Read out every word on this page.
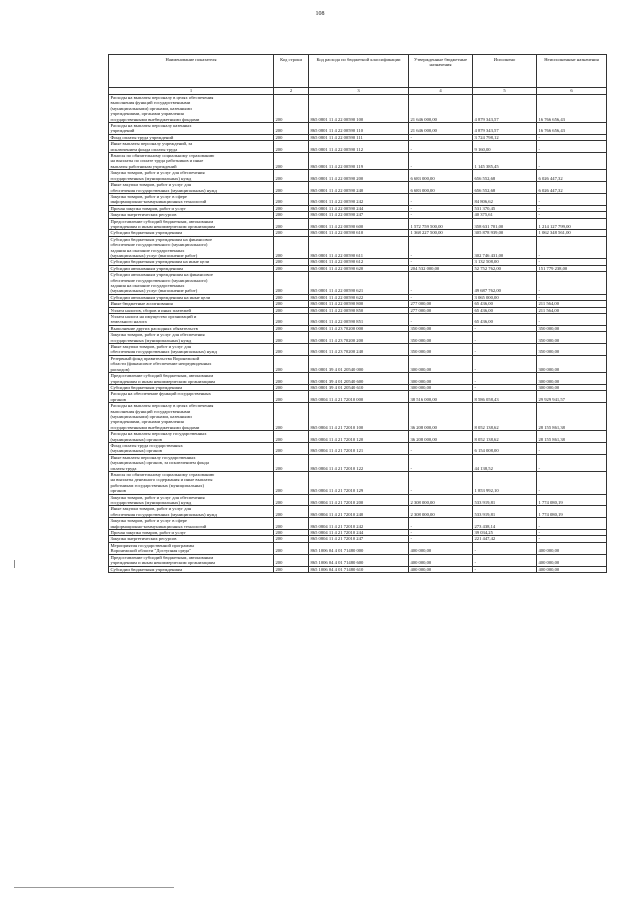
108
Наименование показателя	Код строки	Код расхода по бюджетной классификации	Утвержденные бюджетные назначения	Исполнено	Неисполненные назначения
1	2	3	4	5	6
Расходы на выплаты персоналу в целях обеспечения
выполнения функций государственными
(муниципальными) органами, казенными
учреждениями, органами управления
государственными внебюджетными фондами	200	865 0801 11 4 22 00590 100	21 646 000,00	4 879 343,57	16 766 656,43
Расходы на выплаты персоналу казенных
учреждений	200	865 0801 11 4 22 00590 110	21 646 000,00	4 879 343,57	16 766 656,43
Фонд оплаты труда учреждений	200	865 0801 11 4 22 00590 111	-	3 724 798,12	-
Иные выплаты персоналу учреждений, за
исключением фонда оплаты труда	200	865 0801 11 4 22 00590 112	-	9 160,00	-
Взносы по обязательному социальному страхованию
на выплаты по оплате труда работников и иные
выплаты работникам учреждений	200	865 0801 11 4 22 00590 119	-	1 145 385,45	-
Закупка товаров, работ и услуг для обеспечения
государственных (муниципальных) нужд	200	865 0801 11 4 22 00590 200	6 683 000,00	656 552,68	6 026 447,32
Иные закупки товаров, работ и услуг для
обеспечения государственных (муниципальных) нужд	200	865 0801 11 4 22 00590 240	6 683 000,00	656 552,68	6 026 447,32
Закупка товаров, работ и услуг в сфере
информационно-коммуникационных технологий	200	865 0801 11 4 22 00590 242	-	84 806,62	-
Прочая закупка товаров, работ и услуг	200	865 0801 11 4 22 00590 244	-	531 370,45	-
Закупка энергетических ресурсов	200	865 0801 11 4 22 00590 247	-	40 375,61	-
Предоставление субсидий бюджетным, автономным
учреждениям и иным некоммерческим организациям	200	865 0801 11 4 22 00590 600	1 572 759 500,00	358 631 701,00	1 214 127 799,00
Субсидии бюджетным учреждениям	200	865 0801 11 4 22 00590 610	1 368 227 500,00	305 878 939,00	1 062 348 561,00
Субсидии бюджетным учреждениям на финансовое
обеспечение государственного (муниципального)
задания на оказание государственных
(муниципальных) услуг (выполнение работ)	200	865 0801 11 4 22 00590 611	-	302 746 431,00	-
Субсидии бюджетным учреждениям на иные цели	200	865 0801 11 4 22 00590 612	-	3 132 508,00	-
Субсидии автономным учреждениям	200	865 0801 11 4 22 00590 620	204 532 000,00	52 752 762,00	151 779 238,00
Субсидии автономным учреждениям на финансовое
обеспечение государственного (муниципального)
задания на оказание государственных
(муниципальных) услуг (выполнение работ)	200	865 0801 11 4 22 00590 621	-	49 687 762,00	-
Субсидии автономным учреждениям на иные цели	200	865 0801 11 4 22 00590 622	-	3 065 000,00	-
Иные бюджетные ассигнования	200	865 0801 11 4 22 00590 800	277 000,00	65 436,00	211 564,00
Уплата налогов, сборов и иных платежей	200	865 0801 11 4 22 00590 850	277 000,00	65 436,00	211 564,00
Уплата налога на имущество организаций и
земельного налога	200	865 0801 11 4 22 00590 851	-	65 436,00	-
Выполнение других расходных обязательств	200	865 0801 11 4 23 70200 000	350 000,00	-	350 000,00
Закупка товаров, работ и услуг для обеспечения
государственных (муниципальных) нужд	200	865 0801 11 4 23 70200 200	350 000,00	-	350 000,00
Иные закупки товаров, работ и услуг для
обеспечения государственных (муниципальных) нужд	200	865 0801 11 4 23 70200 240	350 000,00	-	350 000,00
Резервный фонд правительства Воронежской
области (финансовое обеспечение непредвиденных
расходов)	200	865 0801 39 4 01 20540 000	300 000,00	-	300 000,00
Предоставление субсидий бюджетным, автономным
учреждениям и иным некоммерческим организациям	200	865 0801 39 4 01 20540 600	300 000,00	-	300 000,00
Субсидии бюджетным учреждениям	200	865 0801 39 4 01 20540 610	300 000,00	-	300 000,00
Расходы на обеспечение функций государственных
органов	200	865 0804 11 4 21 72010 000	38 516 000,00	8 586 058,43	29 929 941,57
Расходы на выплаты персоналу в целях обеспечения
выполнения функций государственными
(муниципальными) органами, казенными
учреждениями, органами управления
государственными внебюджетными фондами	200	865 0804 11 4 21 72010 100	36 208 000,00	8 052 138,62	28 155 861,38
Расходы на выплаты персоналу государственных
(муниципальных) органов	200	865 0804 11 4 21 72010 120	36 208 000,00	8 052 138,62	28 155 861,38
Фонд оплаты труда государственных
(муниципальных) органов	200	865 0804 11 4 21 72010 121	-	6 154 008,00	-
Иные выплаты персоналу государственных
(муниципальных) органов, за исключением фонда
оплаты труда	200	865 0804 11 4 21 72010 122	-	44 138,52	-
Взносы по обязательному социальному страхованию
на выплаты денежного содержания и иные выплаты
работникам государственных (муниципальных)
органов	200	865 0804 11 4 21 72010 129	-	1 853 992,10	-
Закупка товаров, работ и услуг для обеспечения
государственных (муниципальных) нужд	200	865 0804 11 4 21 72010 200	2 308 000,00	533 919,81	1 774 080,19
Иные закупки товаров, работ и услуг для
обеспечения государственных (муниципальных) нужд	200	865 0804 11 4 21 72010 240	2 308 000,00	533 919,81	1 774 080,19
Закупка товаров, работ и услуг в сфере
информационно-коммуникационных технологий	200	865 0804 11 4 21 72010 242	-	273 438,14	-
Прочая закупка товаров, работ и услуг	200	865 0804 11 4 21 72010 244	-	39 034,25	-
Закупка энергетических ресурсов	200	865 0804 11 4 21 72010 247	-	221 447,42	-
Мероприятия государственной программы
Воронежской области "Доступная среда"	200	865 1006 04 4 01 71480 000	400 000,00	-	400 000,00
Предоставление субсидий бюджетным, автономным
учреждениям и иным некоммерческим организациям	200	865 1006 04 4 01 71480 600	400 000,00	-	400 000,00
Субсидии бюджетным учреждениям	200	865 1006 04 4 01 71480 610	400 000,00	-	400 000,00
